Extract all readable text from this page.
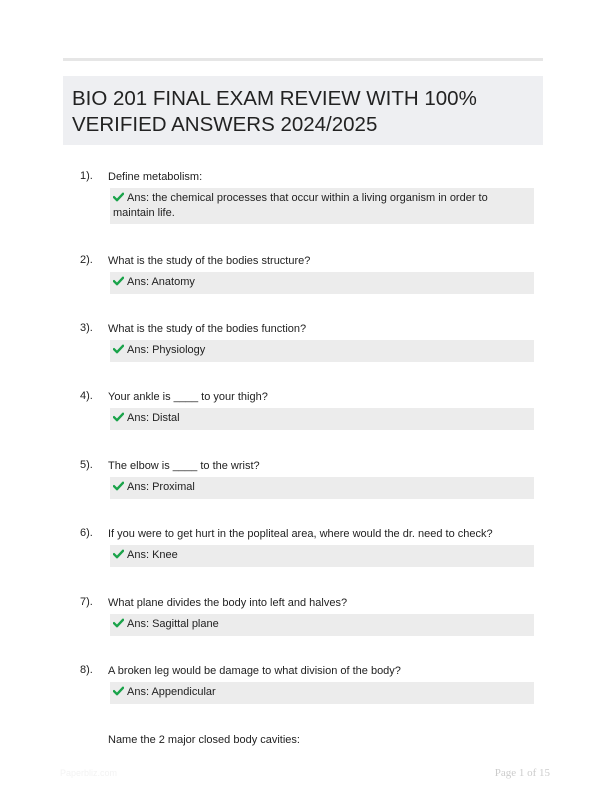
BIO 201 FINAL EXAM REVIEW WITH 100% VERIFIED ANSWERS 2024/2025
1). Define metabolism:
Ans: the chemical processes that occur within a living organism in order to maintain life.
2). What is the study of the bodies structure?
Ans: Anatomy
3). What is the study of the bodies function?
Ans: Physiology
4). Your ankle is ____ to your thigh?
Ans: Distal
5). The elbow is ____ to the wrist?
Ans: Proximal
6). If you were to get hurt in the popliteal area, where would the dr. need to check?
Ans: Knee
7). What plane divides the body into left and halves?
Ans: Sagittal plane
8). A broken leg would be damage to what division of the body?
Ans: Appendicular
Name the 2 major closed body cavities:
Paperbliz.com	Page 1 of 15
